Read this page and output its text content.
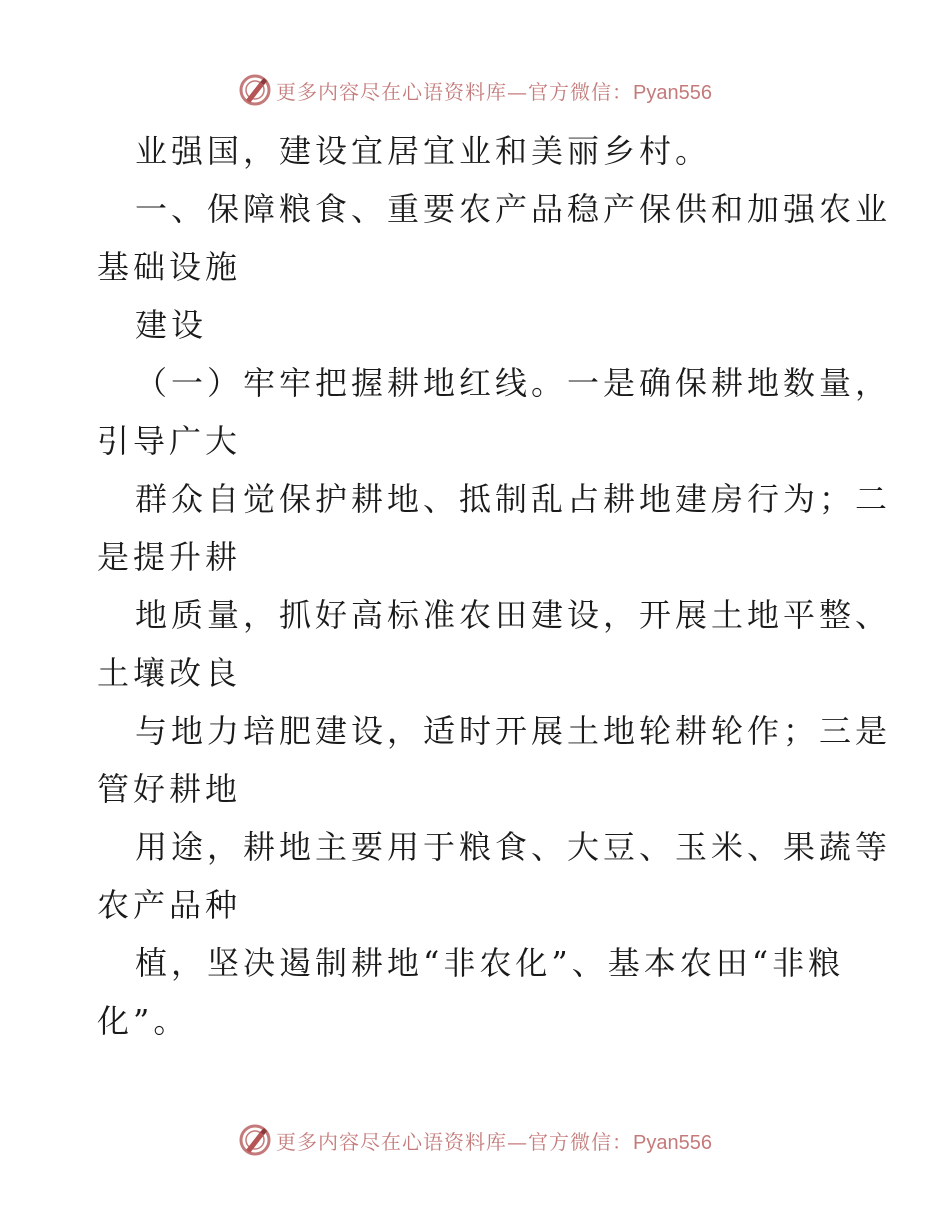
更多内容尽在心语资料库—官方微信：Pyan556
业强国，建设宜居宜业和美丽乡村。
一、保障粮食、重要农产品稳产保供和加强农业
基础设施
建设
（一）牢牢把握耕地红线。一是确保耕地数量，
引导广大
群众自觉保护耕地、抵制乱占耕地建房行为；二
是提升耕
地质量，抓好高标准农田建设，开展土地平整、
土壤改良
与地力培肥建设，适时开展土地轮耕轮作；三是
管好耕地
用途，耕地主要用于粮食、大豆、玉米、果蔬等
农产品种
植，坚决遏制耕地“非农化”、基本农田“非粮
化”。
更多内容尽在心语资料库—官方微信：Pyan556
